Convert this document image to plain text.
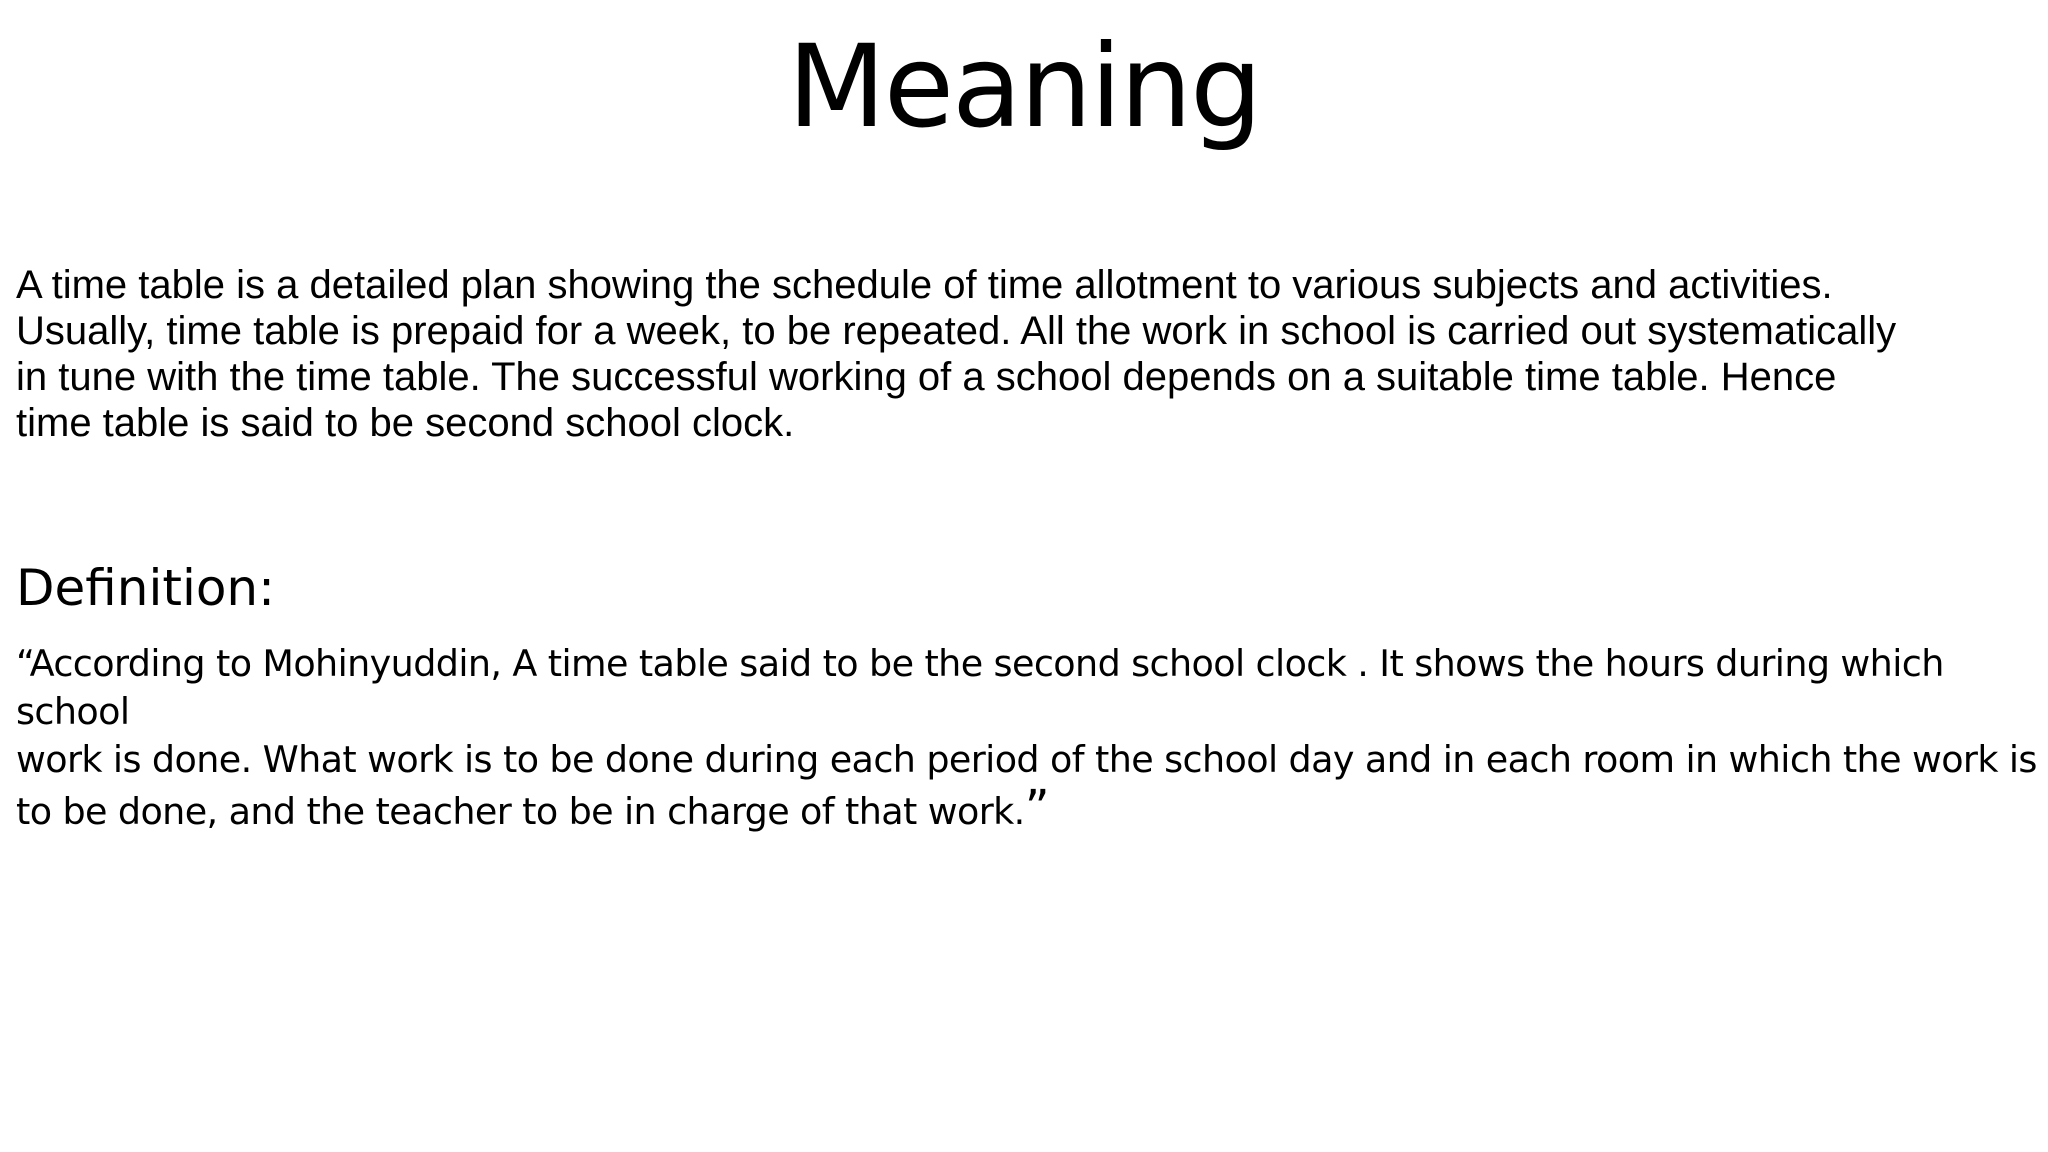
Meaning
A time table is a detailed plan showing the schedule of time allotment to various subjects and activities.
Usually, time table is prepaid for a week, to be repeated. All the work in school is carried out systematically
in tune with the time table. The successful working of a school depends on a suitable time table. Hence
time table is said to be second school clock.
Definition:
“According to Mohinyuddin, A time table said to be the second school clock . It shows the hours during which school
work is done. What work is to be done during each period of the school day and in each room in which the work is
to be done, and the teacher to be in charge of that work.”
